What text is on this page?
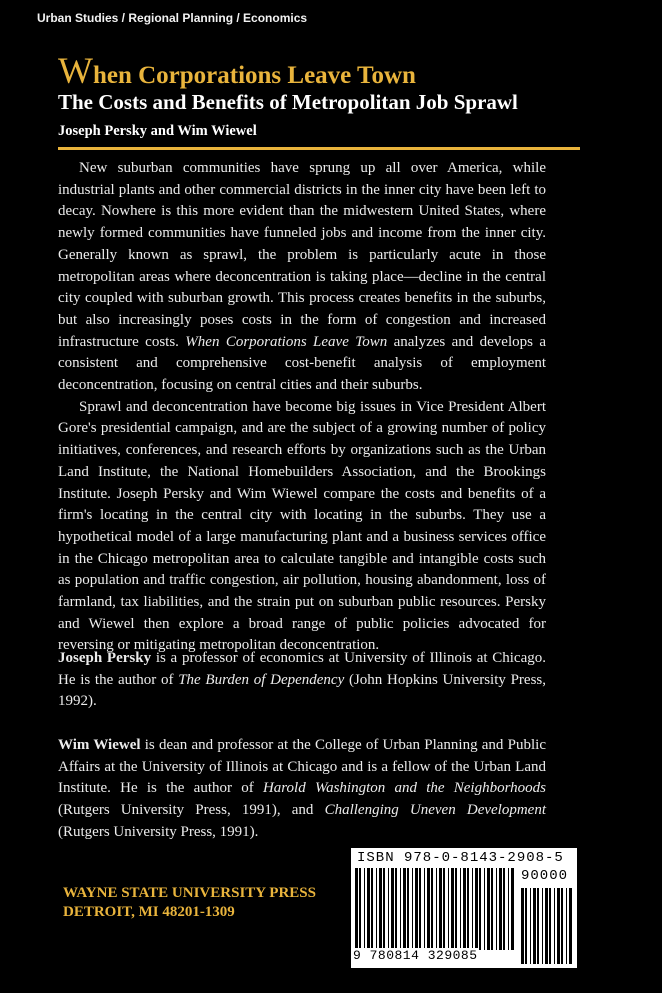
Urban Studies / Regional Planning / Economics
When Corporations Leave Town
The Costs and Benefits of Metropolitan Job Sprawl
Joseph Persky and Wim Wiewel

New suburban communities have sprung up all over America, while industrial plants and other commercial districts in the inner city have been left to decay. Nowhere is this more evident than the midwestern United States, where newly formed communities have funneled jobs and income from the inner city. Generally known as sprawl, the problem is particularly acute in those metropolitan areas where deconcentration is taking place—decline in the central city coupled with suburban growth. This process creates benefits in the suburbs, but also increasingly poses costs in the form of congestion and increased infrastructure costs. When Corporations Leave Town analyzes and develops a consistent and comprehensive cost-benefit analysis of employment deconcentration, focusing on central cities and their suburbs.

Sprawl and deconcentration have become big issues in Vice President Albert Gore's presidential campaign, and are the subject of a growing number of policy initiatives, conferences, and research efforts by organizations such as the Urban Land Institute, the National Homebuilders Association, and the Brookings Institute. Joseph Persky and Wim Wiewel compare the costs and benefits of a firm's locating in the central city with locating in the suburbs. They use a hypothetical model of a large manufacturing plant and a business services office in the Chicago metropolitan area to calculate tangible and intangible costs such as population and traffic congestion, air pollution, housing abandonment, loss of farmland, tax liabilities, and the strain put on suburban public resources. Persky and Wiewel then explore a broad range of public policies advocated for reversing or mitigating metropolitan deconcentration.

Joseph Persky is a professor of economics at University of Illinois at Chicago. He is the author of The Burden of Dependency (John Hopkins University Press, 1992).
Wim Wiewel is dean and professor at the College of Urban Planning and Public Affairs at the University of Illinois at Chicago and is a fellow of the Urban Land Institute. He is the author of Harold Washington and the Neighborhoods (Rutgers University Press, 1991), and Challenging Uneven Development (Rutgers University Press, 1991).
WAYNE STATE UNIVERSITY PRESS
DETROIT, MI 48201-1309
ISBN 978-0-8143-2908-5
90000
9 780814 329085
